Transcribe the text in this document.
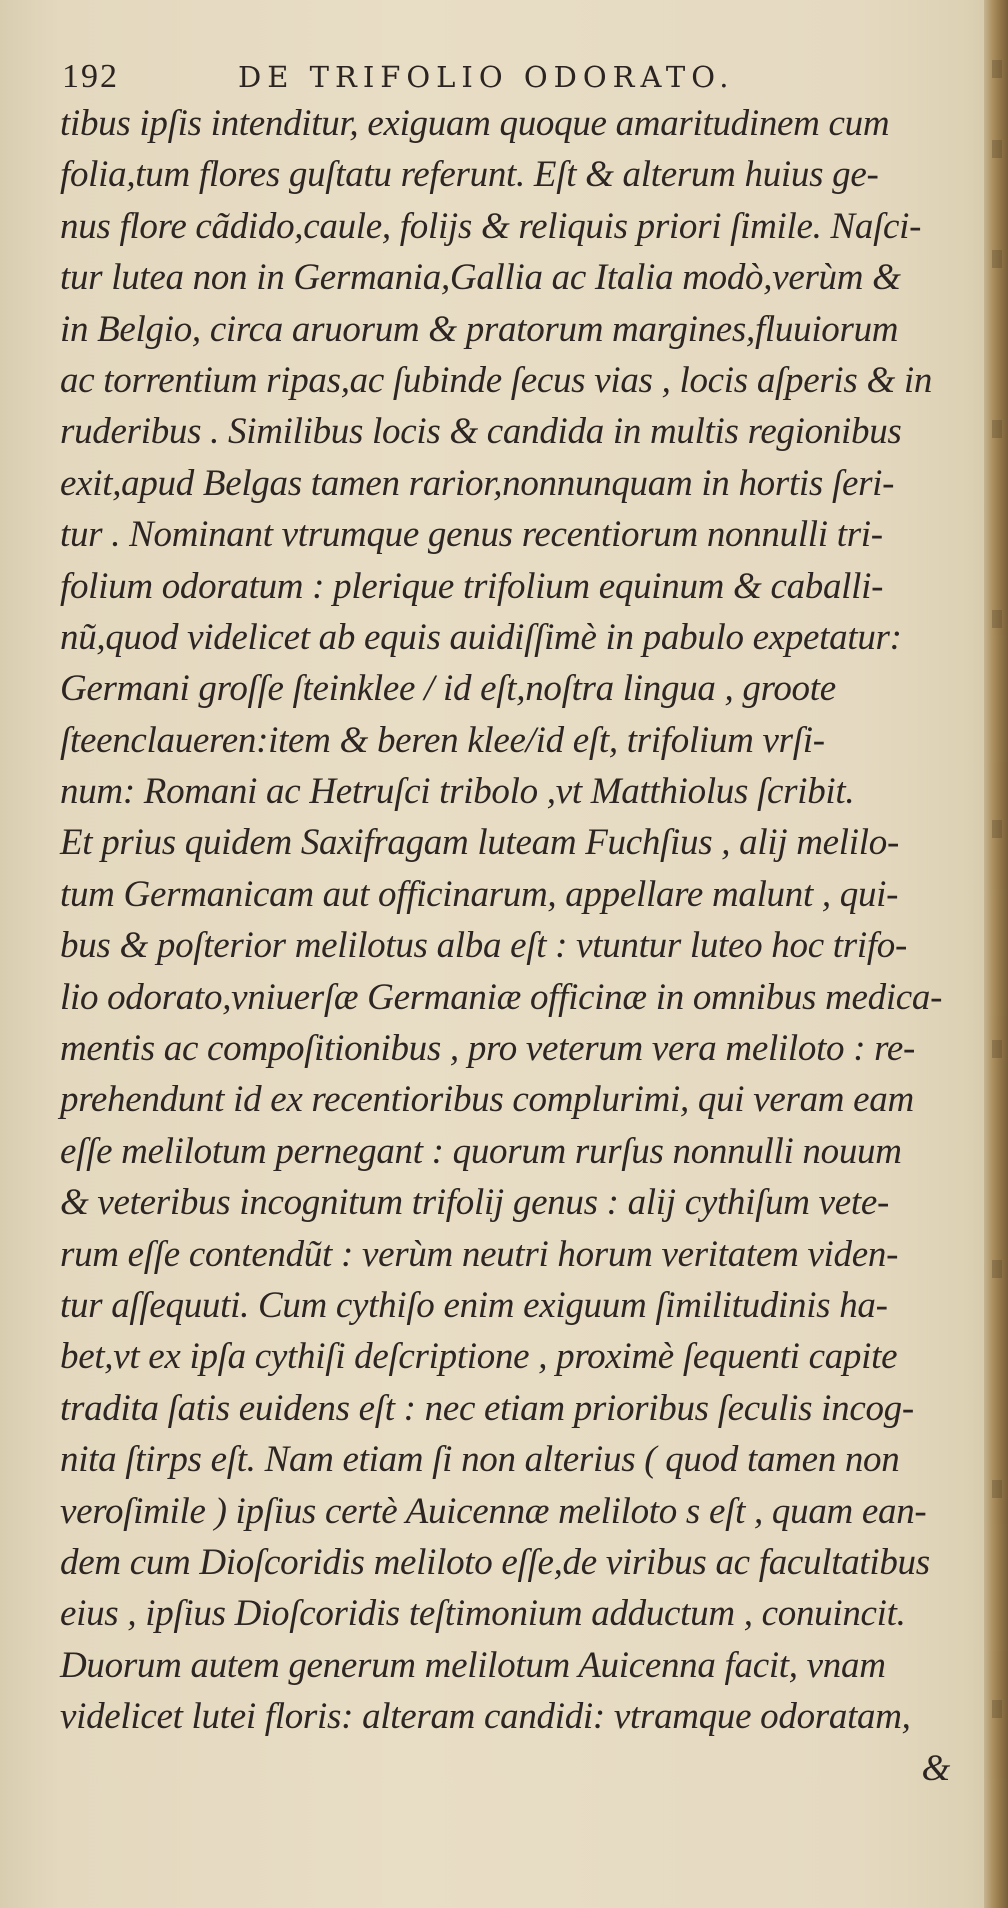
192	DE TRIFOLIO ODORATO.
tibus ipſis intenditur, exiguam quoque amaritudinem cum
folia,tum flores guſtatu referunt. Eſt & alterum huius ge-
nus flore cãdido,caule, folijs & reliquis priori ſimile. Naſci-
tur lutea non in Germania,Gallia ac Italia modò,verùm &
in Belgio, circa aruorum & pratorum margines,fluuiorum
ac torrentium ripas,ac ſubinde ſecus vias , locis aſperis & in
ruderibus . Similibus locis & candida in multis regionibus
exit,apud Belgas tamen rarior,nonnunquam in hortis ſeri-
tur . Nominant vtrumque genus recentiorum nonnulli tri-
folium odoratum : plerique trifolium equinum & caballi-
nũ,quod videlicet ab equis auidiſſimè in pabulo expetatur:
Germani groſſe ſteinklee / id eſt,noſtra lingua , groote
ſteenclaueren:item & beren klee/id eſt, trifolium vrſi-
num: Romani ac Hetruſci tribolo ,vt Matthiolus ſcribit.
Et prius quidem Saxifragam luteam Fuchſius , alij melilo-
tum Germanicam aut officinarum, appellare malunt , qui-
bus & poſterior melilotus alba eſt : vtuntur luteo hoc trifo-
lio odorato,vniuerſæ Germaniæ officinæ in omnibus medica-
mentis ac compoſitionibus , pro veterum vera meliloto : re-
prehendunt id ex recentioribus complurimi, qui veram eam
eſſe melilotum pernegant : quorum rurſus nonnulli nouum
& veteribus incognitum trifolij genus : alij cythiſum vete-
rum eſſe contendũt : verùm neutri horum veritatem viden-
tur aſſequuti. Cum cythiſo enim exiguum ſimilitudinis ha-
bet,vt ex ipſa cythiſi deſcriptione , proximè ſequenti capite
tradita ſatis euidens eſt : nec etiam prioribus ſeculis incog-
nita ſtirps eſt. Nam etiam ſi non alterius ( quod tamen non
veroſimile ) ipſius certè Auicennæ meliloto s eſt , quam ean-
dem cum Dioſcoridis meliloto eſſe,de viribus ac facultatibus
eius , ipſius Dioſcoridis teſtimonium adductum , conuincit.
Duorum autem generum melilotum Auicenna facit, vnam
videlicet lutei floris: alteram candidi: vtramque odoratam,
&
